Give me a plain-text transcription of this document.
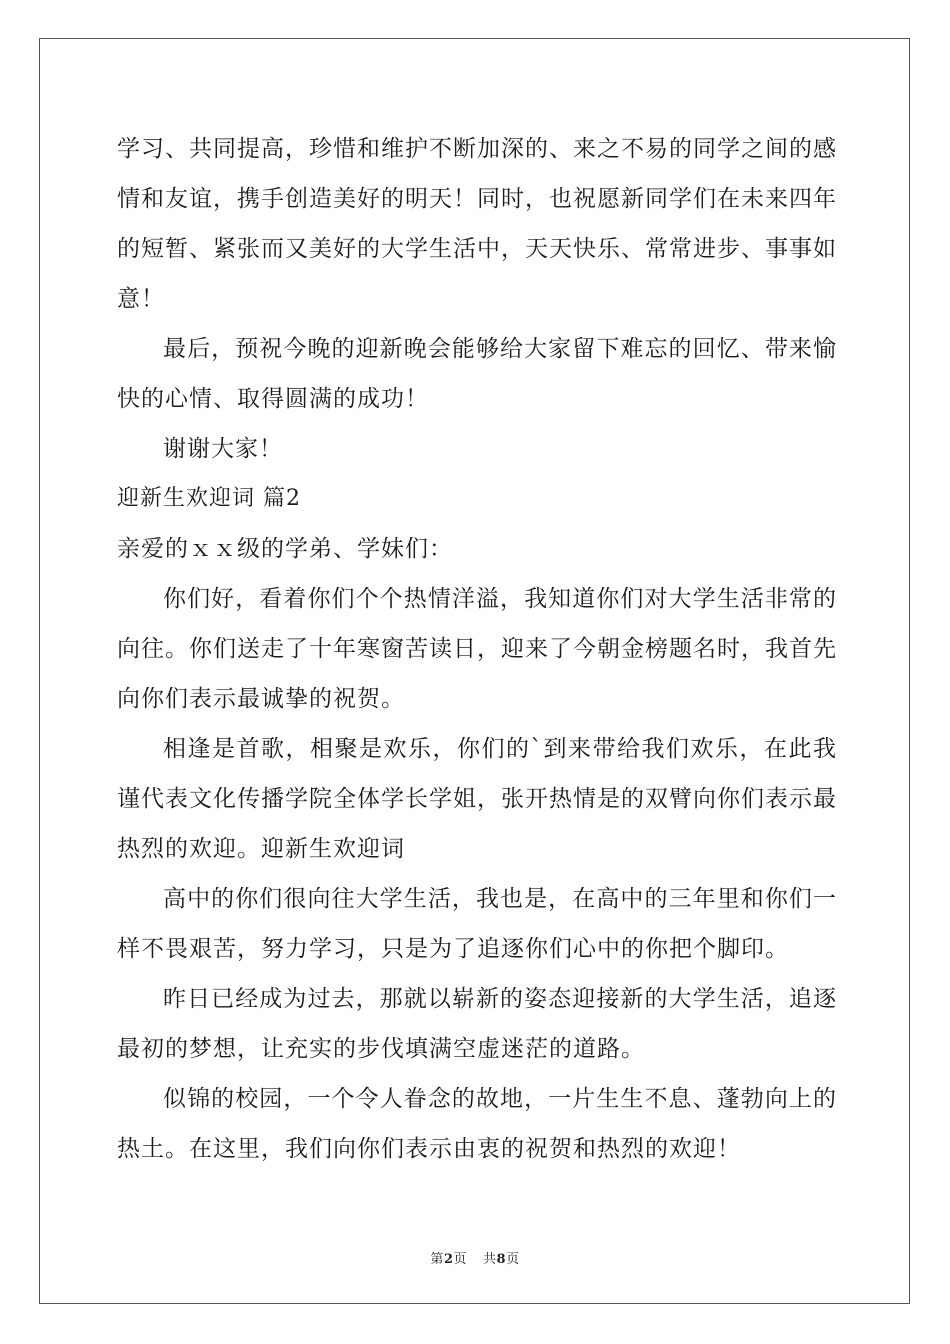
学习、共同提高，珍惜和维护不断加深的、来之不易的同学之间的感情和友谊，携手创造美好的明天！同时，也祝愿新同学们在未来四年的短暂、紧张而又美好的大学生活中，天天快乐、常常进步、事事如意！

最后，预祝今晚的迎新晚会能够给大家留下难忘的回忆、带来愉快的心情、取得圆满的成功！

谢谢大家！

迎新生欢迎词 篇2

亲爱的ｘｘ级的学弟、学妹们：

你们好，看着你们个个热情洋溢，我知道你们对大学生活非常的向往。你们送走了十年寒窗苦读日，迎来了今朝金榜题名时，我首先向你们表示最诚挚的祝贺。

相逢是首歌，相聚是欢乐，你们的`到来带给我们欢乐，在此我谨代表文化传播学院全体学长学姐，张开热情是的双臂向你们表示最热烈的欢迎。迎新生欢迎词

高中的你们很向往大学生活，我也是，在高中的三年里和你们一样不畏艰苦，努力学习，只是为了追逐你们心中的你把个脚印。

昨日已经成为过去，那就以崭新的姿态迎接新的大学生活，追逐最初的梦想，让充实的步伐填满空虚迷茫的道路。

似锦的校园，一个令人眷念的故地，一片生生不息、蓬勃向上的热土。在这里，我们向你们表示由衷的祝贺和热烈的欢迎！

第2页 共8页
